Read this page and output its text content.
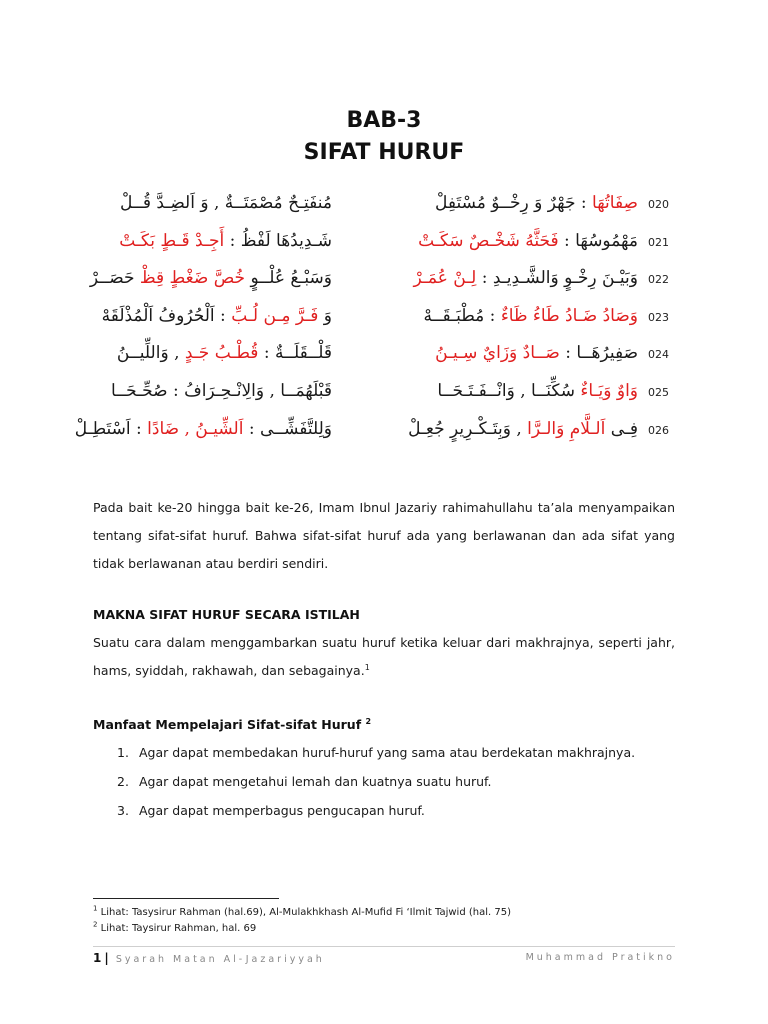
BAB-3
SIFAT HURUF
020
صِفَاتُهَا : جَهْرٌ وَ رِخْــوٌ مُسْتَفِلْ
مُنفَتِـحٌ مُصْمَتَــةٌ , وَ اَلضِـدَّ قُــلْ
021
مَهْمُوسُهَا : فَحَثَّهُ شَخْـصٌ سَكَـتْ
شَـدِيدُهَا لَفْظُ : أَجِـدْ قَـطٍ بَكَـتْ
022
وَبَيْـنَ رِخْـوٍ وَالشَّـدِيـدِ : لِـنْ عُمَـرْ
وَسَبْـعُ عُلْــوٍ خُصَّ ضَغْطٍ قِظْ حَصَــرْ
023
وَصَادُ ضَـادُ طَاءُ ظَاءٌ : مُطْبَـقَــهْ
وَ فَـرَّ مِـن لُـبِّ : اَلْحُرُوفُ اَلْمُذْلَقَهْ
024
صَفِيرُهَــا : صَــادٌ وَزَايٌ سِـيـنُ
قَلْــقَلَــةٌ : قُطْـبُ جَـدٍ , وَاللِّيــنُ
025
وَاوٌ وَيَـاءٌ سُكِّنَــا , وَانْــفَـتَـحَــا
قَبْلَهُمَــا , وَالِانْـحِـرَافُ : صُحِّـحَــا
026
فِـى اَلـلَّامِ وَالـرَّا , وَبِتَـكْـرِيرٍ جُعِـلْ
وَلِلتَّفَشِّــى : اَلشِّيـنُ , ضَادًا : اَسْتَطِـلْ
Pada bait ke-20 hingga bait ke-26, Imam Ibnul Jazariy rahimahullahu ta’ala menyampaikan tentang sifat-sifat huruf. Bahwa sifat-sifat huruf ada yang berlawanan dan ada sifat yang tidak berlawanan atau berdiri sendiri.
MAKNA SIFAT HURUF SECARA ISTILAH
Suatu cara dalam menggambarkan suatu huruf ketika keluar dari makhrajnya, seperti jahr, hams, syiddah, rakhawah, dan sebagainya.$^1$
Manfaat Mempelajari Sifat-sifat Huruf $^2$
1. Agar dapat membedakan huruf-huruf yang sama atau berdekatan makhrajnya.
2. Agar dapat mengetahui lemah dan kuatnya suatu huruf.
3. Agar dapat memperbagus pengucapan huruf.
$^1$ Lihat: Tasysirur Rahman (hal.69), Al-Mulakhkhash Al-Mufid Fi ‘Ilmit Tajwid (hal. 75)
$^2$ Lihat: Taysirur Rahman, hal. 69
1 | Syarah Matan Al-Jazariyyah	Muhammad Pratikno
